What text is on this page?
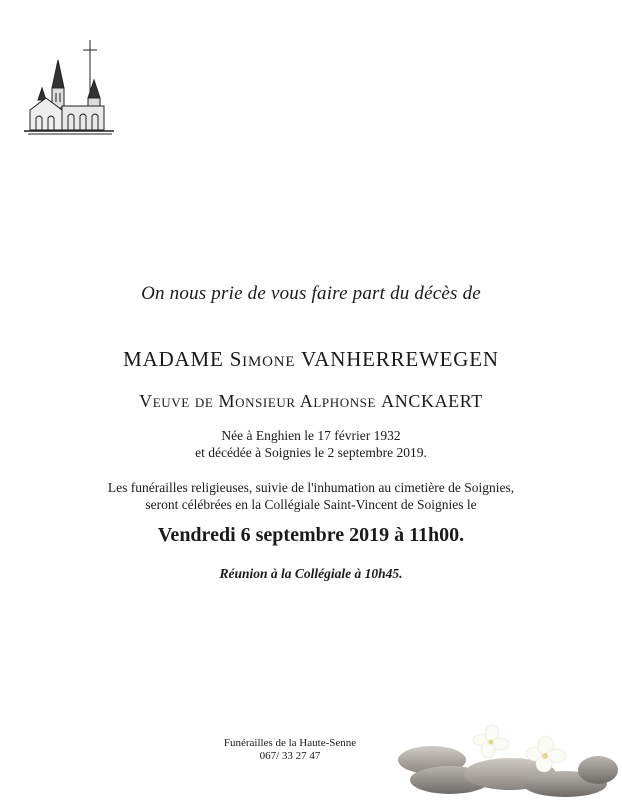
On nous prie de vous faire part du décès de
MADAME Simone VANHERREWEGEN
Veuve de Monsieur Alphonse ANCKAERT
Née à Enghien le 17 février 1932
et décédée à Soignies le 2 septembre 2019.
Les funérailles religieuses, suivie de l'inhumation au cimetière de Soignies,
seront célébrées en la Collégiale Saint-Vincent de Soignies le
Vendredi 6 septembre 2019 à 11h00.
Réunion à la Collégiale à 10h45.
Funérailles de la Haute-Senne
067/ 33 27 47
